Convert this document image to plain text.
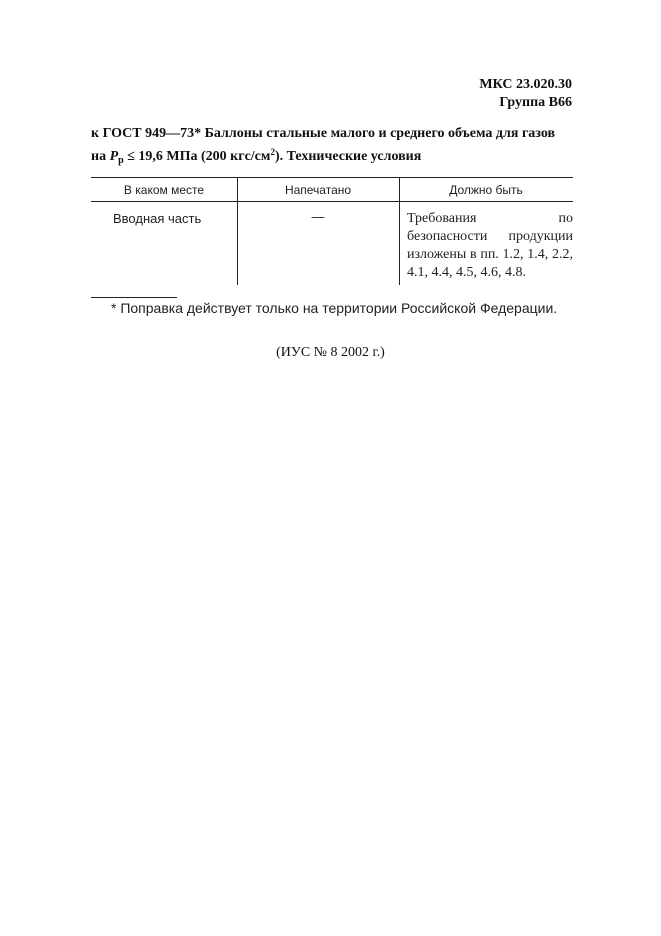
МКС 23.020.30
Группа В66
к ГОСТ 949—73* Баллоны стальные малого и среднего объема для газов
на $P_р \le 19,6$ МПа (200 кгс/$см^2$). Технические условия
В каком месте	Напечатано	Должно быть
Вводная часть	—	Требования по безопасности продукции изложены в пп. 1.2, 1.4, 2.2, 4.1, 4.4, 4.5, 4.6, 4.8.
* Поправка действует только на территории Российской Федерации.
(ИУС № 8 2002 г.)
